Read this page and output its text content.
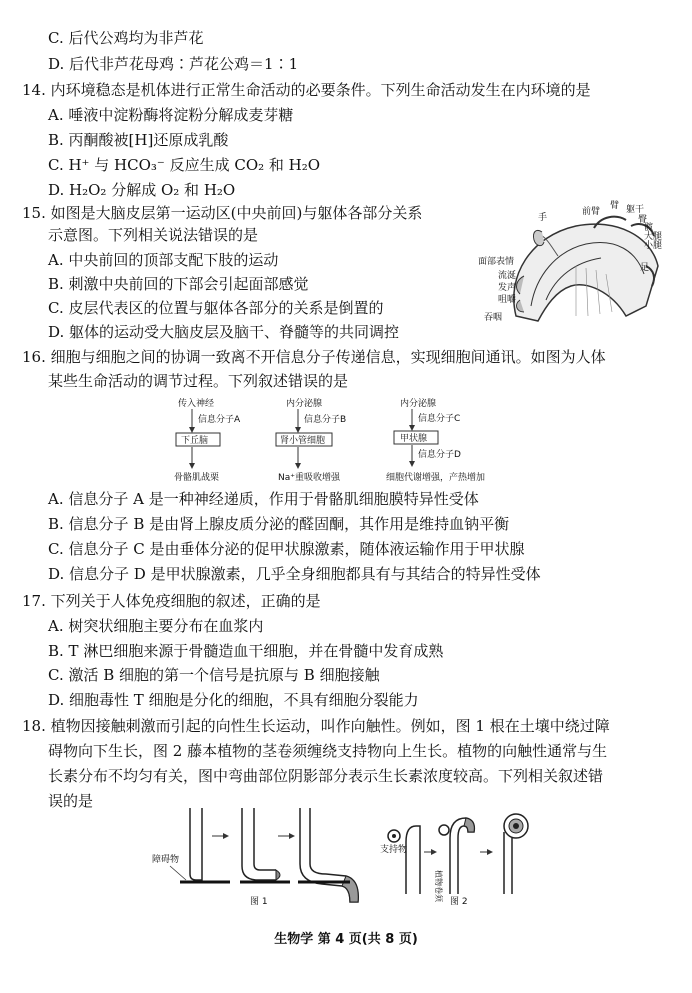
C. 后代公鸡均为非芦花
D. 后代非芦花母鸡∶芦花公鸡＝1∶1
14. 内环境稳态是机体进行正常生命活动的必要条件。下列生命活动发生在内环境的是
A. 唾液中淀粉酶将淀粉分解成麦芽糖
B. 丙酮酸被[H]还原成乳酸
C. H⁺ 与 HCO₃⁻ 反应生成 CO₂ 和 H₂O
D. H₂O₂ 分解成 O₂ 和 H₂O
15. 如图是大脑皮层第一运动区(中央前回)与躯体各部分关系
示意图。下列相关说法错误的是
A. 中央前回的顶部支配下肢的运动
B. 刺激中央前回的下部会引起面部感觉
C. 皮层代表区的位置与躯体各部分的关系是倒置的
D. 躯体的运动受大脑皮层及脑干、脊髓等的共同调控
手
前臂
臂 躯干
臀
髋
大腿
小腿
足
面部表情
流涎
发声
咀嚼
吞咽
16. 细胞与细胞之间的协调一致离不开信息分子传递信息，实现细胞间通讯。如图为人体
某些生命活动的调节过程。下列叙述错误的是
传入神经
信息分子A
下丘脑
骨骼肌战栗
内分泌腺
信息分子B
肾小管细胞
Na⁺重吸收增强
内分泌腺
信息分子C
甲状腺
信息分子D
细胞代谢增强，产热增加
A. 信息分子 A 是一种神经递质，作用于骨骼肌细胞膜特异性受体
B. 信息分子 B 是由肾上腺皮质分泌的醛固酮，其作用是维持血钠平衡
C. 信息分子 C 是由垂体分泌的促甲状腺激素，随体液运输作用于甲状腺
D. 信息分子 D 是甲状腺激素，几乎全身细胞都具有与其结合的特异性受体
17. 下列关于人体免疫细胞的叙述，正确的是
A. 树突状细胞主要分布在血浆内
B. T 淋巴细胞来源于骨髓造血干细胞，并在骨髓中发育成熟
C. 激活 B 细胞的第一个信号是抗原与 B 细胞接触
D. 细胞毒性 T 细胞是分化的细胞，不具有细胞分裂能力
18. 植物因接触刺激而引起的向性生长运动，叫作向触性。例如，图 1 根在土壤中绕过障
碍物向下生长，图 2 藤本植物的茎卷须缠绕支持物向上生长。植物的向触性通常与生
长素分布不均匀有关，图中弯曲部位阴影部分表示生长素浓度较高。下列相关叙述错
误的是
障碍物
图 1
支持物
植物卷须 图 2
生物学 第 4 页(共 8 页)
